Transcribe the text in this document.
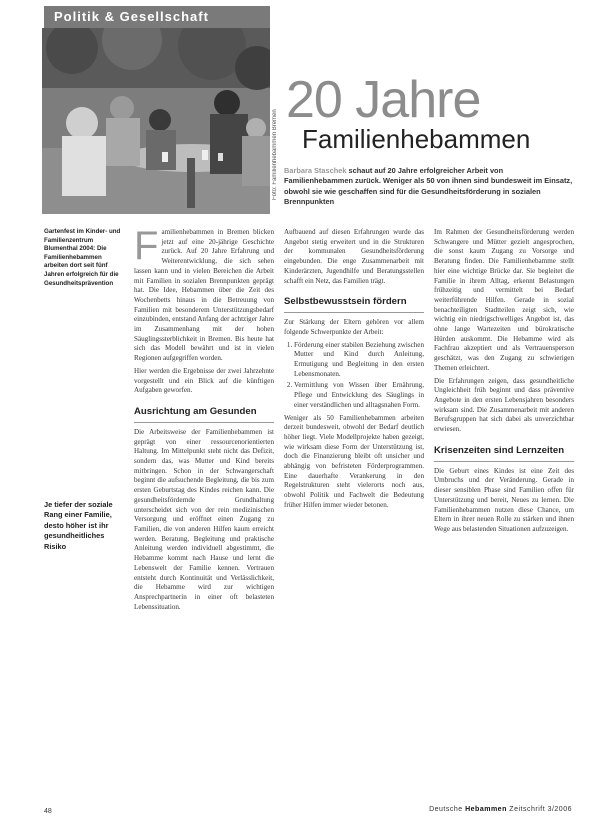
Politik & Gesellschaft
Foto: Familienhebammen Bremen
20 Jahre
Familienhebammen

Barbara Staschek schaut auf 20 Jahre erfolgreicher Arbeit von Familienhebammen zurück. Weniger als 50 von ihnen sind bundesweit im Einsatz, obwohl sie wie geschaffen sind für die Gesundheitsförderung in sozialen Brennpunkten

Gartenfest im Kinder- und Familienzentrum Blumenthal 2004: Die Familienhebammen arbeiten dort seit fünf Jahren erfolgreich für die Gesundheitsprävention

Je tiefer der soziale Rang einer Familie, desto höher ist ihr gesundheitliches Risiko

Familienhebammen in Bremen blicken jetzt auf eine 20-jährige Geschichte zurück. Auf 20 Jahre Erfahrung und Weiterentwicklung, die sich sehen lassen kann und in vielen Bereichen die Arbeit mit Familien in sozialen Brennpunkten geprägt hat. Die Idee, Hebammen über die Zeit des Wochenbetts hinaus in die Betreuung von Familien mit besonderem Unterstützungsbedarf einzubinden, entstand Anfang der achtziger Jahre im Zusammenhang mit der hohen Säuglingssterblichkeit in Bremen. Bis heute hat sich das Modell bewährt und ist in vielen Regionen aufgegriffen worden.

Hier werden die Ergebnisse der zwei Jahrzehnte vorgestellt und ein Blick auf die künftigen Aufgaben geworfen.

Ausrichtung am Gesunden

Die Arbeitsweise der Familienhebammen ist geprägt von einer ressourcenorientierten Haltung. Im Mittelpunkt steht nicht das Defizit, sondern das, was Mutter und Kind bereits mitbringen. Schon in der Schwangerschaft beginnt die aufsuchende Begleitung, die bis zum ersten Geburtstag des Kindes reichen kann. Die gesundheitsfördernde Grundhaltung unterscheidet sich von der rein medizinischen Versorgung und eröffnet einen Zugang zu Familien, die von anderen Hilfen kaum erreicht werden. Beratung, Begleitung und praktische Anleitung werden individuell abgestimmt, die Hebamme kommt nach Hause und lernt die Lebenswelt der Familie kennen. Vertrauen entsteht durch Kontinuität und Verlässlichkeit, die Hebamme wird zur wichtigen Ansprechpartnerin in einer oft belasteten Lebenssituation.

Aufbauend auf diesen Erfahrungen wurde das Angebot stetig erweitert und in die Strukturen der kommunalen Gesundheitsförderung eingebunden. Die enge Zusammenarbeit mit Kinderärzten, Jugendhilfe und Beratungsstellen schafft ein Netz, das Familien trägt.

Selbstbewusstsein fördern

Zur Stärkung der Eltern gehören vor allem folgende Schwerpunkte der Arbeit:

1. Förderung einer stabilen Beziehung zwischen Mutter und Kind durch Anleitung, Ermutigung und Begleitung in den ersten Lebensmonaten.
2. Vermittlung von Wissen über Ernährung, Pflege und Entwicklung des Säuglings in einer verständlichen und alltagsnahen Form.

Weniger als 50 Familienhebammen arbeiten derzeit bundesweit, obwohl der Bedarf deutlich höher liegt. Viele Modellprojekte haben gezeigt, wie wirksam diese Form der Unterstützung ist, doch die Finanzierung bleibt oft unsicher und abhängig von befristeten Förderprogrammen. Eine dauerhafte Verankerung in den Regelstrukturen steht vielerorts noch aus, obwohl Politik und Fachwelt die Bedeutung früher Hilfen immer wieder betonen.

Im Rahmen der Gesundheitsförderung werden Schwangere und Mütter gezielt angesprochen, die sonst kaum Zugang zu Vorsorge und Beratung finden. Die Familienhebamme stellt hier eine wichtige Brücke dar. Sie begleitet die Familie in ihrem Alltag, erkennt Belastungen frühzeitig und vermittelt bei Bedarf weiterführende Hilfen. Gerade in sozial benachteiligten Stadtteilen zeigt sich, wie wichtig ein niedrigschwelliges Angebot ist, das ohne lange Wartezeiten und bürokratische Hürden auskommt. Die Hebamme wird als Fachfrau akzeptiert und als Vertrauensperson geschätzt, was den Zugang zu schwierigen Themen erleichtert.

Die Erfahrungen zeigen, dass gesundheitliche Ungleichheit früh beginnt und dass präventive Angebote in den ersten Lebensjahren besonders wirksam sind. Die Zusammenarbeit mit anderen Berufsgruppen hat sich dabei als unverzichtbar erwiesen.

Krisenzeiten sind Lernzeiten

Die Geburt eines Kindes ist eine Zeit des Umbruchs und der Veränderung. Gerade in dieser sensiblen Phase sind Familien offen für Unterstützung und bereit, Neues zu lernen. Die Familienhebammen nutzen diese Chance, um Eltern in ihrer neuen Rolle zu stärken und ihnen Wege aus belastenden Situationen aufzuzeigen.

48	Deutsche Hebammen Zeitschrift 3/2006
